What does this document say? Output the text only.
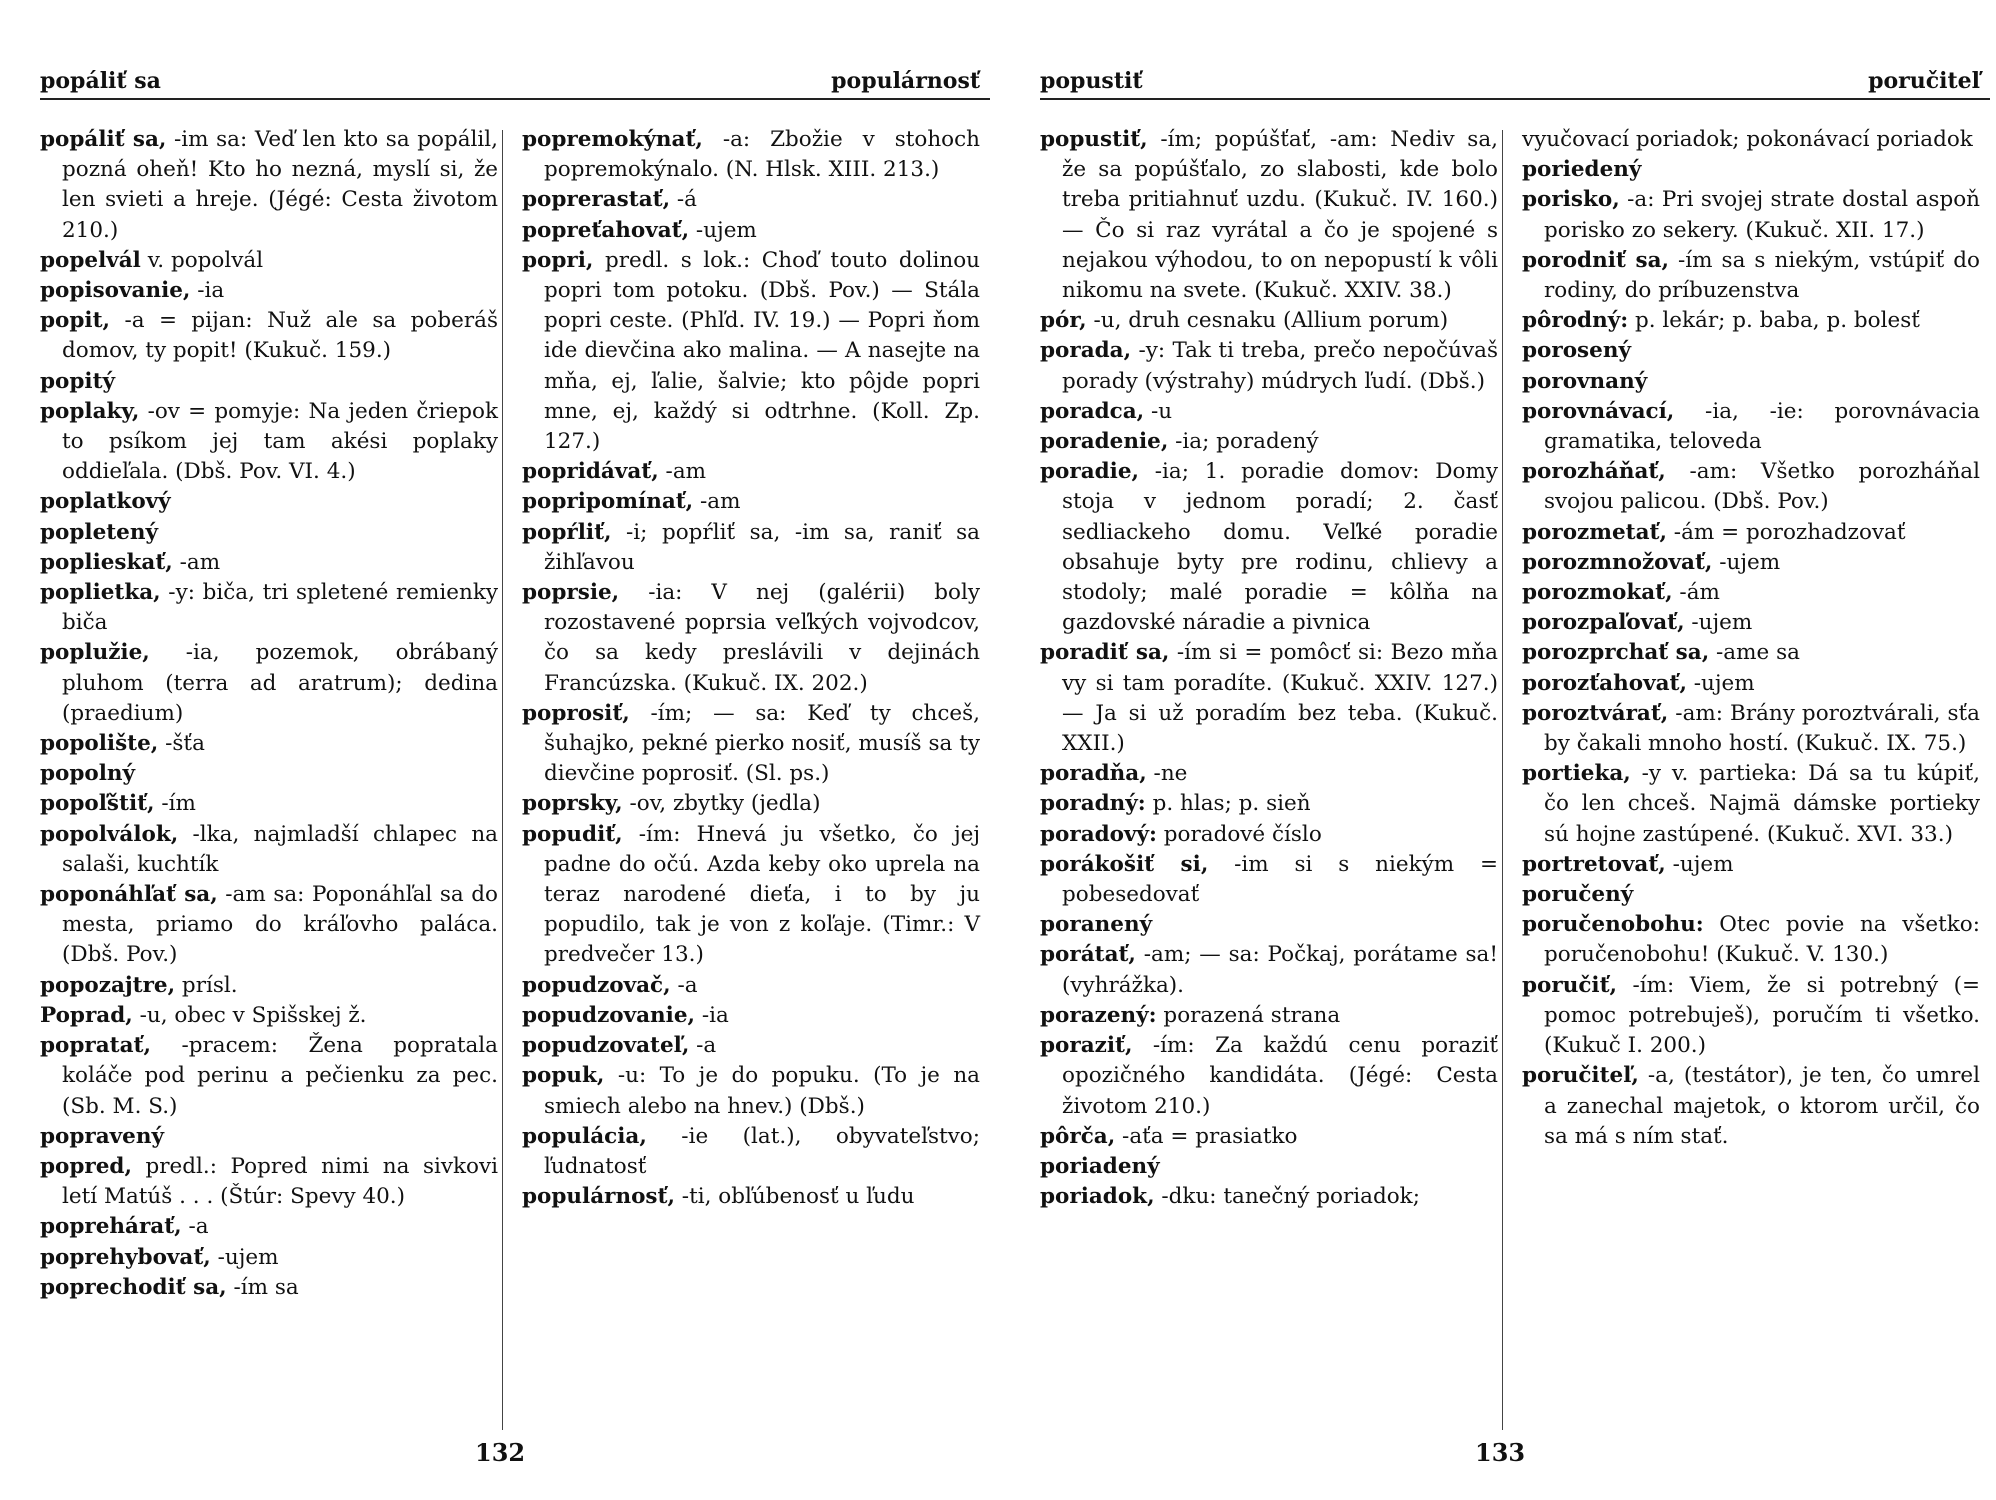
popáliť sa	populárnosť

popáliť sa, -im sa: Veď len kto sa popálil, pozná oheň! Kto ho nezná, myslí si, že len svieti a hreje. (Jégé: Cesta životom 210.)

popelvál v. popolvál

popisovanie, -ia

popit, -a = pijan: Nuž ale sa poberáš domov, ty popit! (Kukuč. 159.)

popitý

poplaky, -ov = pomyje: Na jeden čriepok to psíkom jej tam akési poplaky oddieľala. (Dbš. Pov. VI. 4.)

poplatkový

popletený

poplieskať, -am

poplietka, -y: biča, tri spletené remienky biča

poplužie, -ia, pozemok, obrábaný pluhom (terra ad aratrum); dedina (praedium)

popolište, -šťa

popolný

popoľštiť, -ím

popolválok, -lka, najmladší chlapec na salaši, kuchtík

poponáhľať sa, -am sa: Poponáhľal sa do mesta, priamo do kráľovho paláca. (Dbš. Pov.)

popozajtre, prísl.

Poprad, -u, obec v Spišskej ž.

popratať, -pracem: Žena popratala koláče pod perinu a pečienku za pec. (Sb. M. S.)

popravený

popred, predl.: Popred nimi na sivkovi letí Matúš . . . (Štúr: Spevy 40.)

poprehárať, -a

poprehybovať, -ujem

poprechodiť sa, -ím sa

popremokýnať, -a: Zbožie v stohoch popremokýnalo. (N. Hlsk. XIII. 213.)

poprerastať, -á

popreťahovať, -ujem

popri, predl. s lok.: Choď touto dolinou popri tom potoku. (Dbš. Pov.) — Stála popri ceste. (Phľd. IV. 19.) — Popri ňom ide dievčina ako malina. — A nasejte na mňa, ej, ľalie, šalvie; kto pôjde popri mne, ej, každý si odtrhne. (Koll. Zp. 127.)

popridávať, -am

popripomínať, -am

popŕliť, -i; popŕliť sa, -im sa, raniť sa žihľavou

poprsie, -ia: V nej (galérii) boly rozostavené poprsia veľkých vojvodcov, čo sa kedy preslávili v dejinách Francúzska. (Kukuč. IX. 202.)

poprosiť, -ím; — sa: Keď ty chceš, šuhajko, pekné pierko nosiť, musíš sa ty dievčine poprosiť. (Sl. ps.)

poprsky, -ov, zbytky (jedla)

popudiť, -ím: Hnevá ju všetko, čo jej padne do očú. Azda keby oko uprela na teraz narodené dieťa, i to by ju popudilo, tak je von z koľaje. (Timr.: V predvečer 13.)

popudzovač, -a

popudzovanie, -ia

popudzovateľ, -a

popuk, -u: To je do popuku. (To je na smiech alebo na hnev.) (Dbš.)

populácia, -ie (lat.), obyvateľstvo; ľudnatosť

populárnosť, -ti, obľúbenosť u ľudu

132
popustiť	poručiteľ

popustiť, -ím; popúšťať, -am: Nediv sa, že sa popúšťalo, zo slabosti, kde bolo treba pritiahnuť uzdu. (Kukuč. IV. 160.) — Čo si raz vyrátal a čo je spojené s nejakou výhodou, to on nepopustí k vôli nikomu na svete. (Kukuč. XXIV. 38.)

pór, -u, druh cesnaku (Allium porum)

porada, -y: Tak ti treba, prečo nepočúvaš porady (výstrahy) múdrych ľudí. (Dbš.)

poradca, -u

poradenie, -ia; poradený

poradie, -ia; 1. poradie domov: Domy stoja v jednom poradí; 2. časť sedliackeho domu. Veľké poradie obsahuje byty pre rodinu, chlievy a stodoly; malé poradie = kôlňa na gazdovské náradie a pivnica

poradiť sa, -ím si = pomôcť si: Bezo mňa vy si tam poradíte. (Kukuč. XXIV. 127.) — Ja si už poradím bez teba. (Kukuč. XXII.)

poradňa, -ne

poradný: p. hlas; p. sieň

poradový: poradové číslo

porákošiť si, -im si s niekým = pobesedovať

poranený

porátať, -am; — sa: Počkaj, porátame sa! (vyhrážka).

porazený: porazená strana

poraziť, -ím: Za každú cenu poraziť opozičného kandidáta. (Jégé: Cesta životom 210.)

pôrča, -aťa = prasiatko

poriadený

poriadok, -dku: tanečný poriadok;

vyučovací poriadok; pokonávací poriadok

poriedený

porisko, -a: Pri svojej strate dostal aspoň porisko zo sekery. (Kukuč. XII. 17.)

porodniť sa, -ím sa s niekým, vstúpiť do rodiny, do príbuzenstva

pôrodný: p. lekár; p. baba, p. bolesť

porosený

porovnaný

porovnávací, -ia, -ie: porovnávacia gramatika, teloveda

porozháňať, -am: Všetko porozháňal svojou palicou. (Dbš. Pov.)

porozmetať, -ám = porozhadzovať

porozmnožovať, -ujem

porozmokať, -ám

porozpaľovať, -ujem

porozprchať sa, -ame sa

porozťahovať, -ujem

poroztvárať, -am: Brány poroztvárali, sťa by čakali mnoho hostí. (Kukuč. IX. 75.)

portieka, -y v. partieka: Dá sa tu kúpiť, čo len chceš. Najmä dámske portieky sú hojne zastúpené. (Kukuč. XVI. 33.)

portretovať, -ujem

poručený

poručenobohu: Otec povie na všetko: poručenobohu! (Kukuč. V. 130.)

poručiť, -ím: Viem, že si potrebný (= pomoc potrebuješ), poručím ti všetko. (Kukuč I. 200.)

poručiteľ, -a, (testátor), je ten, čo umrel a zanechal majetok, o ktorom určil, čo sa má s ním stať.

133
